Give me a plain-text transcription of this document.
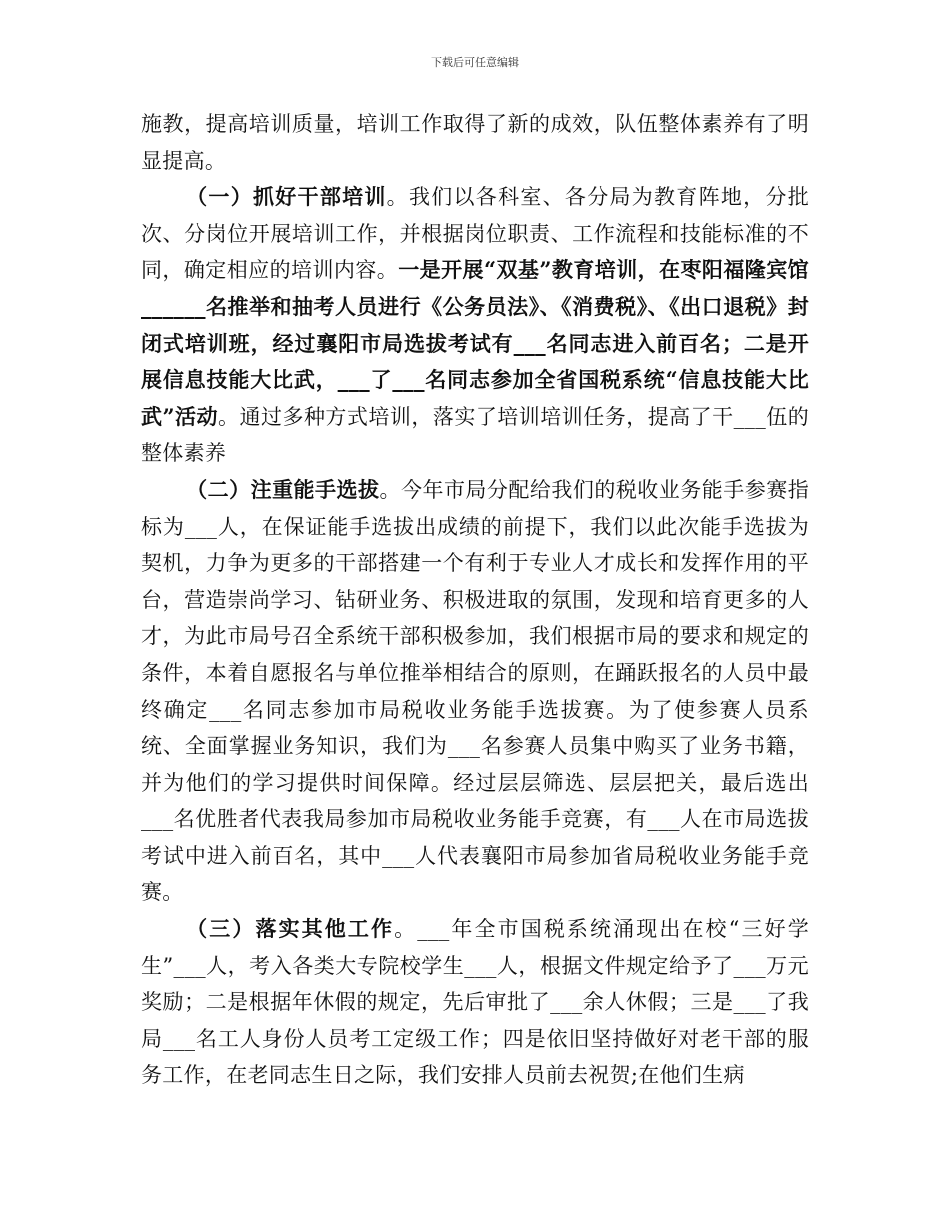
下载后可任意编辑

施教，提高培训质量，培训工作取得了新的成效，队伍整体素养有了明显提高。

（一）抓好干部培训。我们以各科室、各分局为教育阵地，分批次、分岗位开展培训工作，并根据岗位职责、工作流程和技能标准的不同，确定相应的培训内容。一是开展“双基”教育培训，在枣阳福隆宾馆______名推举和抽考人员进行《公务员法》、《消费税》、《出口退税》封闭式培训班，经过襄阳市局选拔考试有___名同志进入前百名；二是开展信息技能大比武，___了___名同志参加全省国税系统“信息技能大比武”活动。通过多种方式培训，落实了培训培训任务，提高了干___伍的整体素养

（二）注重能手选拔。今年市局分配给我们的税收业务能手参赛指标为___人，在保证能手选拔出成绩的前提下，我们以此次能手选拔为契机，力争为更多的干部搭建一个有利于专业人才成长和发挥作用的平台，营造崇尚学习、钻研业务、积极进取的氛围，发现和培育更多的人才，为此市局号召全系统干部积极参加，我们根据市局的要求和规定的条件，本着自愿报名与单位推举相结合的原则，在踊跃报名的人员中最终确定___名同志参加市局税收业务能手选拔赛。为了使参赛人员系统、全面掌握业务知识，我们为___名参赛人员集中购买了业务书籍，并为他们的学习提供时间保障。经过层层筛选、层层把关，最后选出___名优胜者代表我局参加市局税收业务能手竞赛，有___人在市局选拔考试中进入前百名，其中___人代表襄阳市局参加省局税收业务能手竞赛。

（三）落实其他工作。___年全市国税系统涌现出在校“三好学生”___人，考入各类大专院校学生___人，根据文件规定给予了___万元奖励；二是根据年休假的规定，先后审批了___余人休假；三是___了我局___名工人身份人员考工定级工作；四是依旧坚持做好对老干部的服务工作，在老同志生日之际，我们安排人员前去祝贺;在他们生病
